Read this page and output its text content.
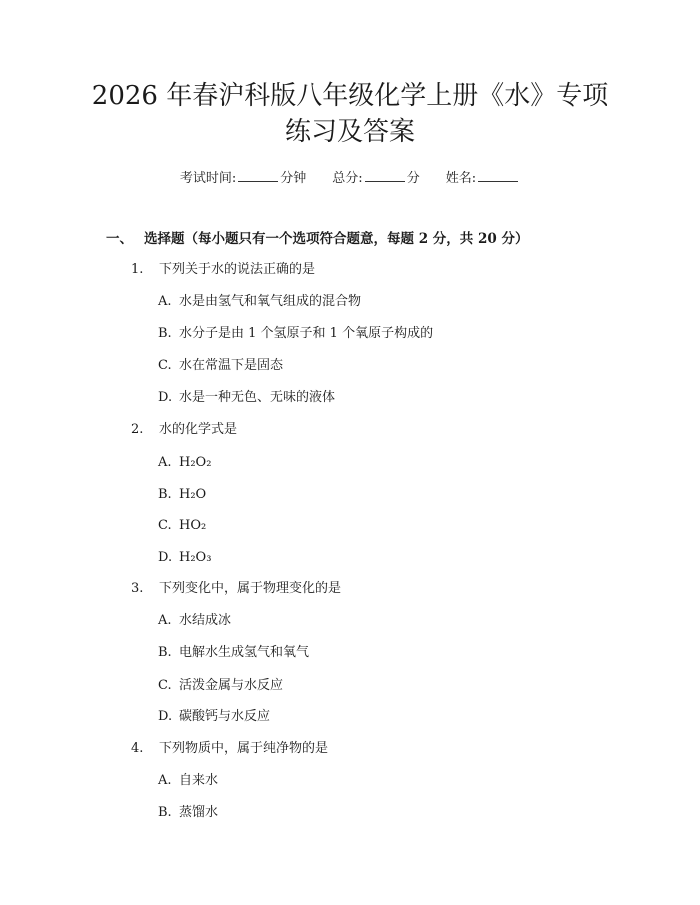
2026 年春沪科版八年级化学上册《水》专项
练习及答案
考试时间:	分钟 总分:	分 姓名:
一、 选择题（每小题只有一个选项符合题意，每题 2 分，共 20 分）
1. 下列关于水的说法正确的是
A. 水是由氢气和氧气组成的混合物
B. 水分子是由 1 个氢原子和 1 个氧原子构成的
C. 水在常温下是固态
D. 水是一种无色、无味的液体
2. 水的化学式是
A. H₂O₂
B. H₂O
C. HO₂
D. H₂O₃
3. 下列变化中，属于物理变化的是
A. 水结成冰
B. 电解水生成氢气和氧气
C. 活泼金属与水反应
D. 碳酸钙与水反应
4. 下列物质中，属于纯净物的是
A. 自来水
B. 蒸馏水
